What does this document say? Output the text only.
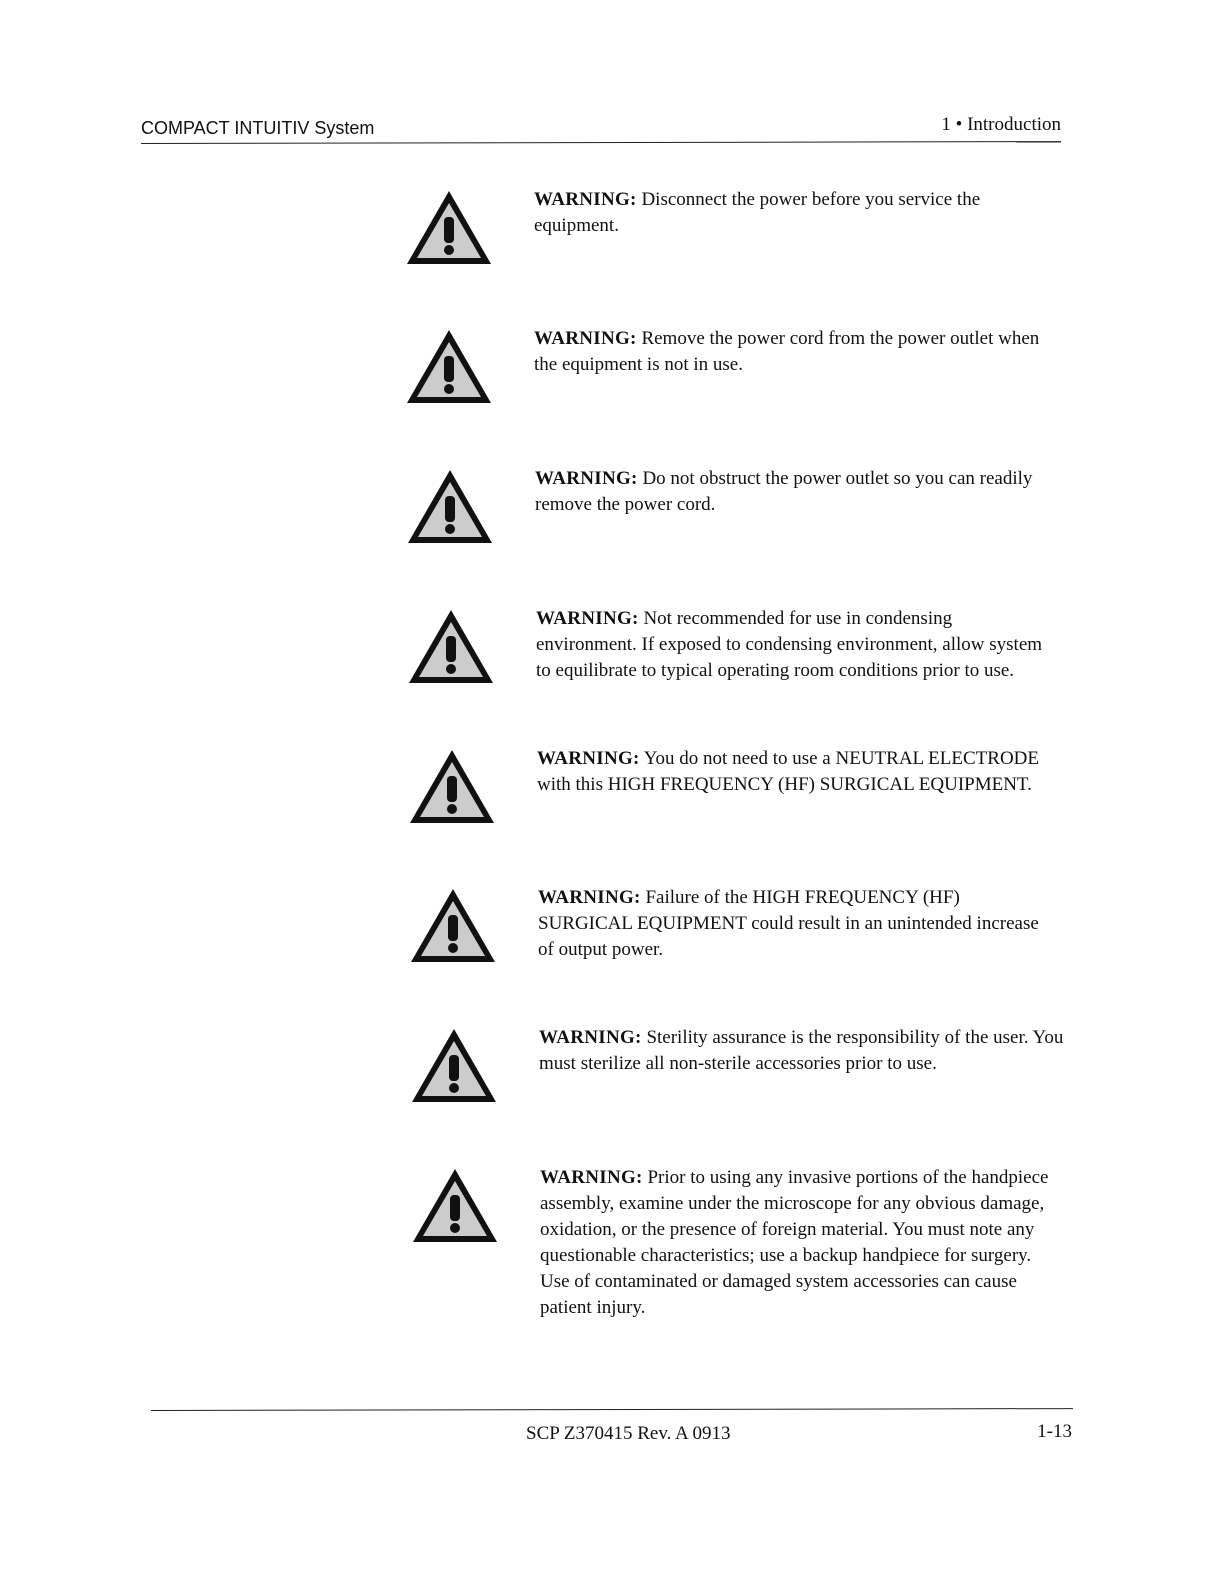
COMPACT INTUITIV System	1 • Introduction
WARNING: Disconnect the power before you service the equipment.
WARNING: Remove the power cord from the power outlet when the equipment is not in use.
WARNING: Do not obstruct the power outlet so you can readily remove the power cord.
WARNING: Not recommended for use in condensing environment. If exposed to condensing environment, allow system to equilibrate to typical operating room conditions prior to use.
WARNING: You do not need to use a NEUTRAL ELECTRODE with this HIGH FREQUENCY (HF) SURGICAL EQUIPMENT.
WARNING: Failure of the HIGH FREQUENCY (HF) SURGICAL EQUIPMENT could result in an unintended increase of output power.
WARNING: Sterility assurance is the responsibility of the user. You must sterilize all non-sterile accessories prior to use.
WARNING: Prior to using any invasive portions of the handpiece assembly, examine under the microscope for any obvious damage, oxidation, or the presence of foreign material. You must note any questionable characteristics; use a backup handpiece for surgery. Use of contaminated or damaged system accessories can cause patient injury.
SCP Z370415 Rev. A 0913	1-13
